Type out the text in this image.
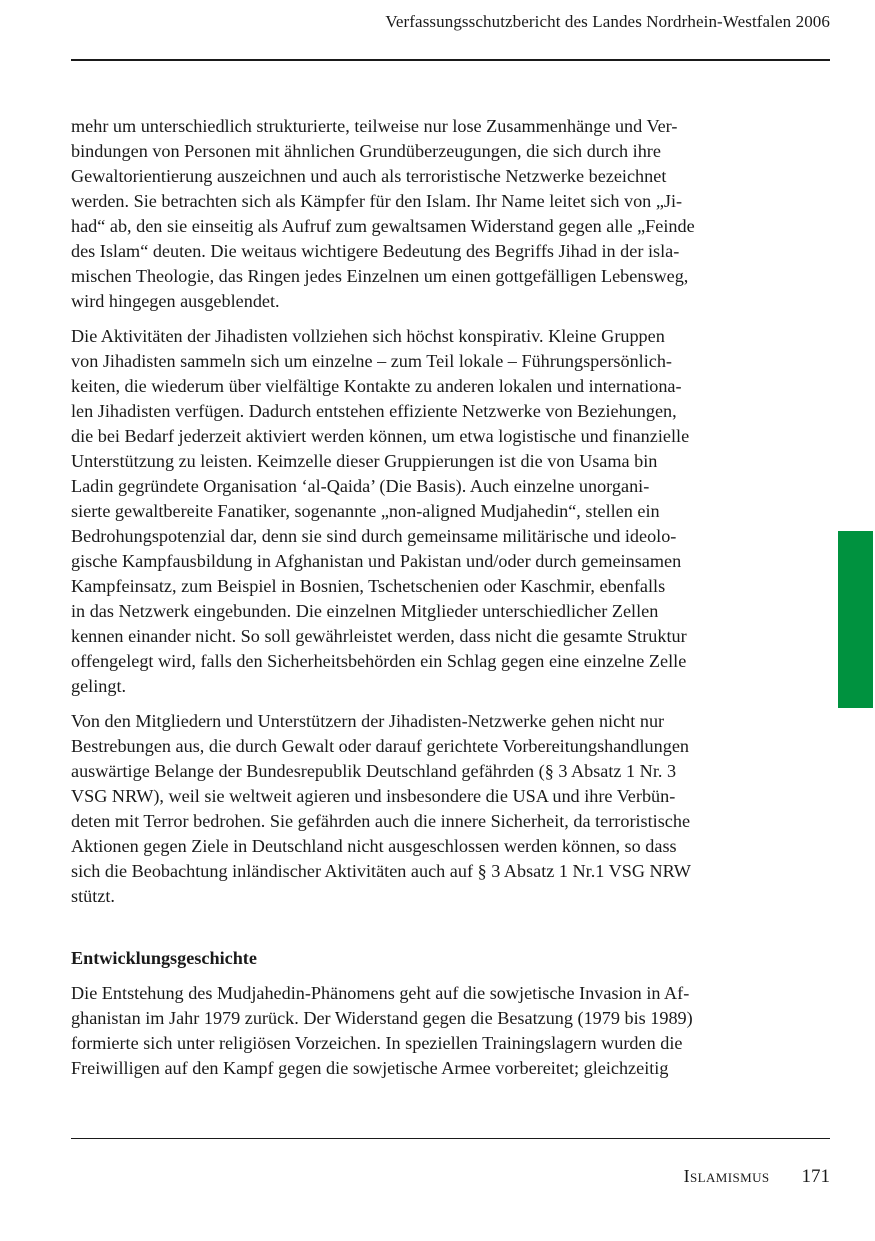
Verfassungsschutzbericht des Landes Nordrhein-Westfalen 2006

mehr um unterschiedlich strukturierte, teilweise nur lose Zusammenhänge und Ver-
bindungen von Personen mit ähnlichen Grundüberzeugungen, die sich durch ihre
Gewaltorientierung auszeichnen und auch als terroristische Netzwerke bezeichnet
werden. Sie betrachten sich als Kämpfer für den Islam. Ihr Name leitet sich von „Ji-
had“ ab, den sie einseitig als Aufruf zum gewaltsamen Widerstand gegen alle „Feinde
des Islam“ deuten. Die weitaus wichtigere Bedeutung des Begriffs Jihad in der isla-
mischen Theologie, das Ringen jedes Einzelnen um einen gottgefälligen Lebensweg,
wird hingegen ausgeblendet.

Die Aktivitäten der Jihadisten vollziehen sich höchst konspirativ. Kleine Gruppen
von Jihadisten sammeln sich um einzelne – zum Teil lokale – Führungspersönlich-
keiten, die wiederum über vielfältige Kontakte zu anderen lokalen und internationa-
len Jihadisten verfügen. Dadurch entstehen effiziente Netzwerke von Beziehungen,
die bei Bedarf jederzeit aktiviert werden können, um etwa logistische und finanzielle
Unterstützung zu leisten. Keimzelle dieser Gruppierungen ist die von Usama bin
Ladin gegründete Organisation ‘al-Qaida’ (Die Basis). Auch einzelne unorgani-
sierte gewaltbereite Fanatiker, sogenannte „non-aligned Mudjahedin“, stellen ein
Bedrohungspotenzial dar, denn sie sind durch gemeinsame militärische und ideolo-
gische Kampfausbildung in Afghanistan und Pakistan und/oder durch gemeinsamen
Kampfeinsatz, zum Beispiel in Bosnien, Tschetschenien oder Kaschmir, ebenfalls
in das Netzwerk eingebunden. Die einzelnen Mitglieder unterschiedlicher Zellen
kennen einander nicht. So soll gewährleistet werden, dass nicht die gesamte Struktur
offengelegt wird, falls den Sicherheitsbehörden ein Schlag gegen eine einzelne Zelle
gelingt.

Von den Mitgliedern und Unterstützern der Jihadisten-Netzwerke gehen nicht nur
Bestrebungen aus, die durch Gewalt oder darauf gerichtete Vorbereitungshandlungen
auswärtige Belange der Bundesrepublik Deutschland gefährden (§ 3 Absatz 1 Nr. 3
VSG NRW), weil sie weltweit agieren und insbesondere die USA und ihre Verbün-
deten mit Terror bedrohen. Sie gefährden auch die innere Sicherheit, da terroristische
Aktionen gegen Ziele in Deutschland nicht ausgeschlossen werden können, so dass
sich die Beobachtung inländischer Aktivitäten auch auf § 3 Absatz 1 Nr.1 VSG NRW
stützt.

Entwicklungsgeschichte

Die Entstehung des Mudjahedin-Phänomens geht auf die sowjetische Invasion in Af-
ghanistan im Jahr 1979 zurück. Der Widerstand gegen die Besatzung (1979 bis 1989)
formierte sich unter religiösen Vorzeichen. In speziellen Trainingslagern wurden die
Freiwilligen auf den Kampf gegen die sowjetische Armee vorbereitet; gleichzeitig

Islamismus 171
